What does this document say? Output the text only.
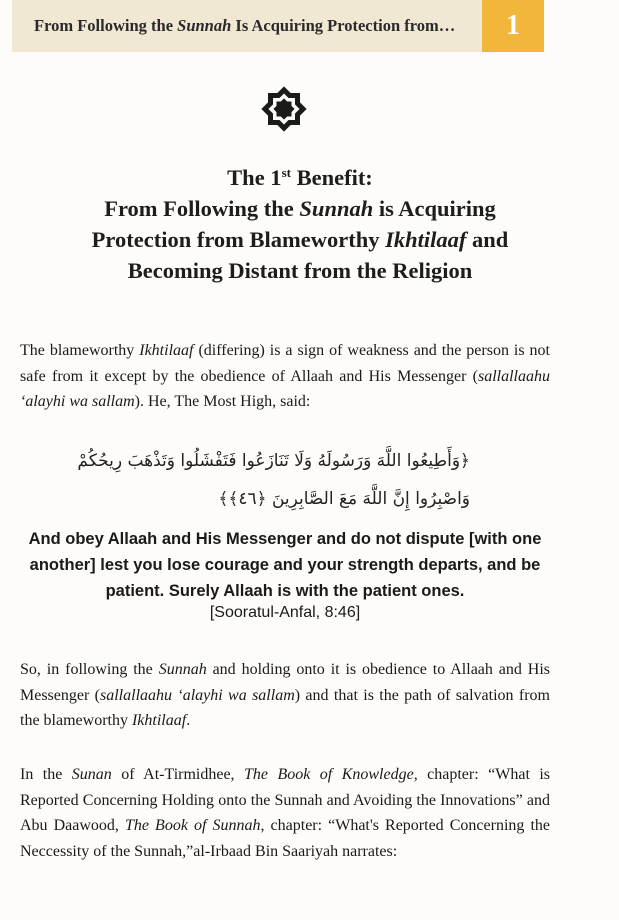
From Following the Sunnah Is Acquiring Protection from…	1
The 1st Benefit:
From Following the Sunnah is Acquiring
Protection from Blameworthy Ikhtilaaf and
Becoming Distant from the Religion

The blameworthy Ikhtilaaf (differing) is a sign of weakness and the person is not safe from it except by the obedience of Allaah and His Messenger (sallallaahu ‘alayhi wa sallam). He, The Most High, said:

﴿وَأَطِيعُوا اللَّهَ وَرَسُولَهُ وَلَا تَنَازَعُوا فَتَفْشَلُوا وَتَذْهَبَ رِيحُكُمْ
وَاصْبِرُوا إِنَّ اللَّهَ مَعَ الصَّابِرِينَ ﴿٤٦﴾﴾
And obey Allaah and His Messenger and do not dispute [with one another] lest you lose courage and your strength departs, and be patient. Surely Allaah is with the patient ones.
[Sooratul-Anfal, 8:46]

So, in following the Sunnah and holding onto it is obedience to Allaah and His Messenger (sallallaahu ‘alayhi wa sallam) and that is the path of salvation from the blameworthy Ikhtilaaf.

In the Sunan of At-Tirmidhee, The Book of Knowledge, chapter: “What is Reported Concerning Holding onto the Sunnah and Avoiding the Innovations” and Abu Daawood, The Book of Sunnah, chapter: “What's Reported Concerning the Neccessity of the Sunnah,”al-Irbaad Bin Saariyah narrates:
